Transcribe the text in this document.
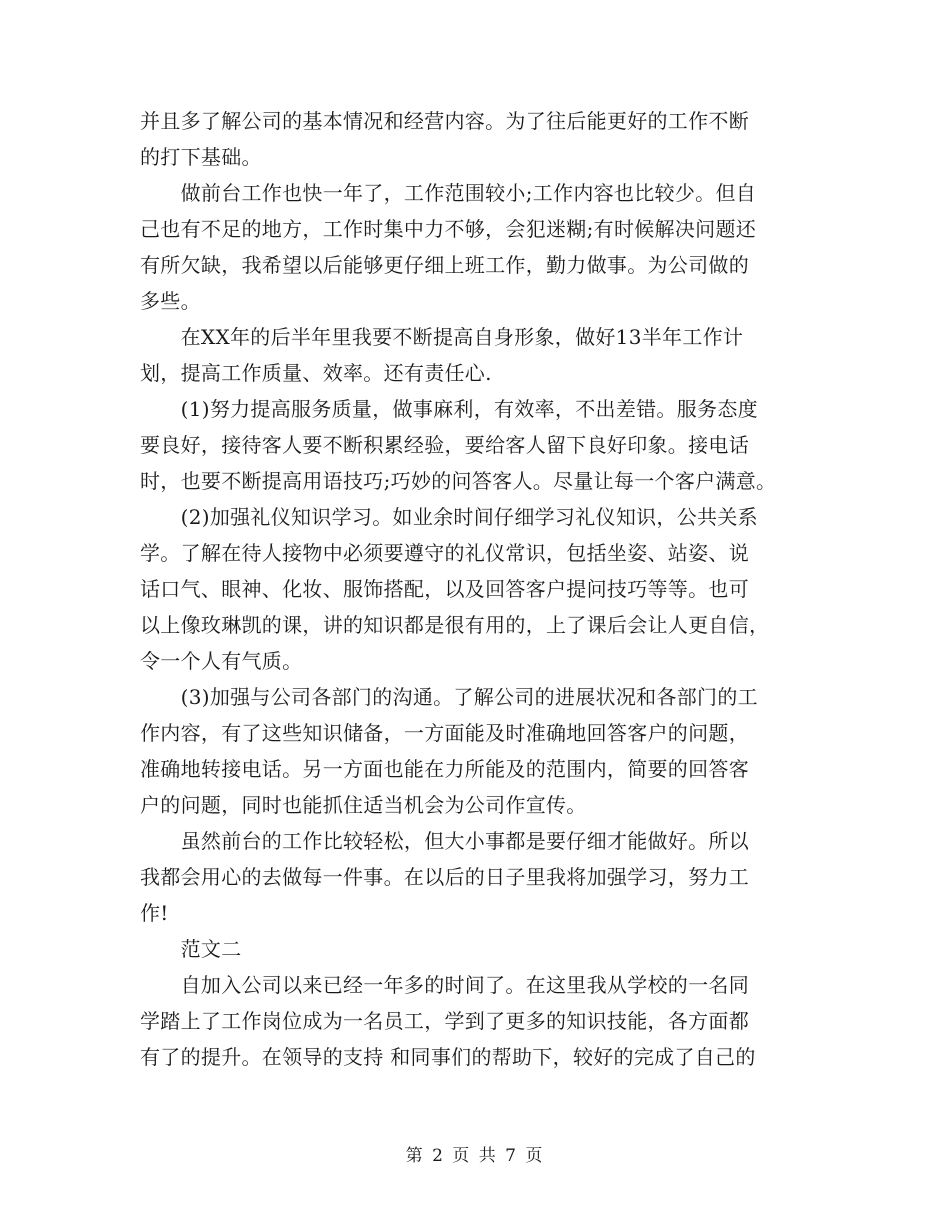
并且多了解公司的基本情况和经营内容。为了往后能更好的工作不断
的打下基础。
　　做前台工作也快一年了，工作范围较小;工作内容也比较少。但自
己也有不足的地方，工作时集中力不够，会犯迷糊;有时候解决问题还
有所欠缺，我希望以后能够更仔细上班工作，勤力做事。为公司做的
多些。
　　在XX年的后半年里我要不断提高自身形象，做好13半年工作计
划，提高工作质量、效率。还有责任心.
　　(1)努力提高服务质量，做事麻利，有效率，不出差错。服务态度
要良好，接待客人要不断积累经验，要给客人留下良好印象。接电话
时，也要不断提高用语技巧;巧妙的问答客人。尽量让每一个客户满意。
　　(2)加强礼仪知识学习。如业余时间仔细学习礼仪知识，公共关系
学。了解在待人接物中必须要遵守的礼仪常识，包括坐姿、站姿、说
话口气、眼神、化妆、服饰搭配，以及回答客户提问技巧等等。也可
以上像玫琳凯的课，讲的知识都是很有用的，上了课后会让人更自信，
令一个人有气质。
　　(3)加强与公司各部门的沟通。了解公司的进展状况和各部门的工
作内容，有了这些知识储备，一方面能及时准确地回答客户的问题，
准确地转接电话。另一方面也能在力所能及的范围内，简要的回答客
户的问题，同时也能抓住适当机会为公司作宣传。
　　虽然前台的工作比较轻松，但大小事都是要仔细才能做好。所以
我都会用心的去做每一件事。在以后的日子里我将加强学习，努力工
作!
　　范文二
　　自加入公司以来已经一年多的时间了。在这里我从学校的一名同
学踏上了工作岗位成为一名员工，学到了更多的知识技能，各方面都
有了的提升。在领导的支持 和同事们的帮助下，较好的完成了自己的
第 2 页 共 7 页
